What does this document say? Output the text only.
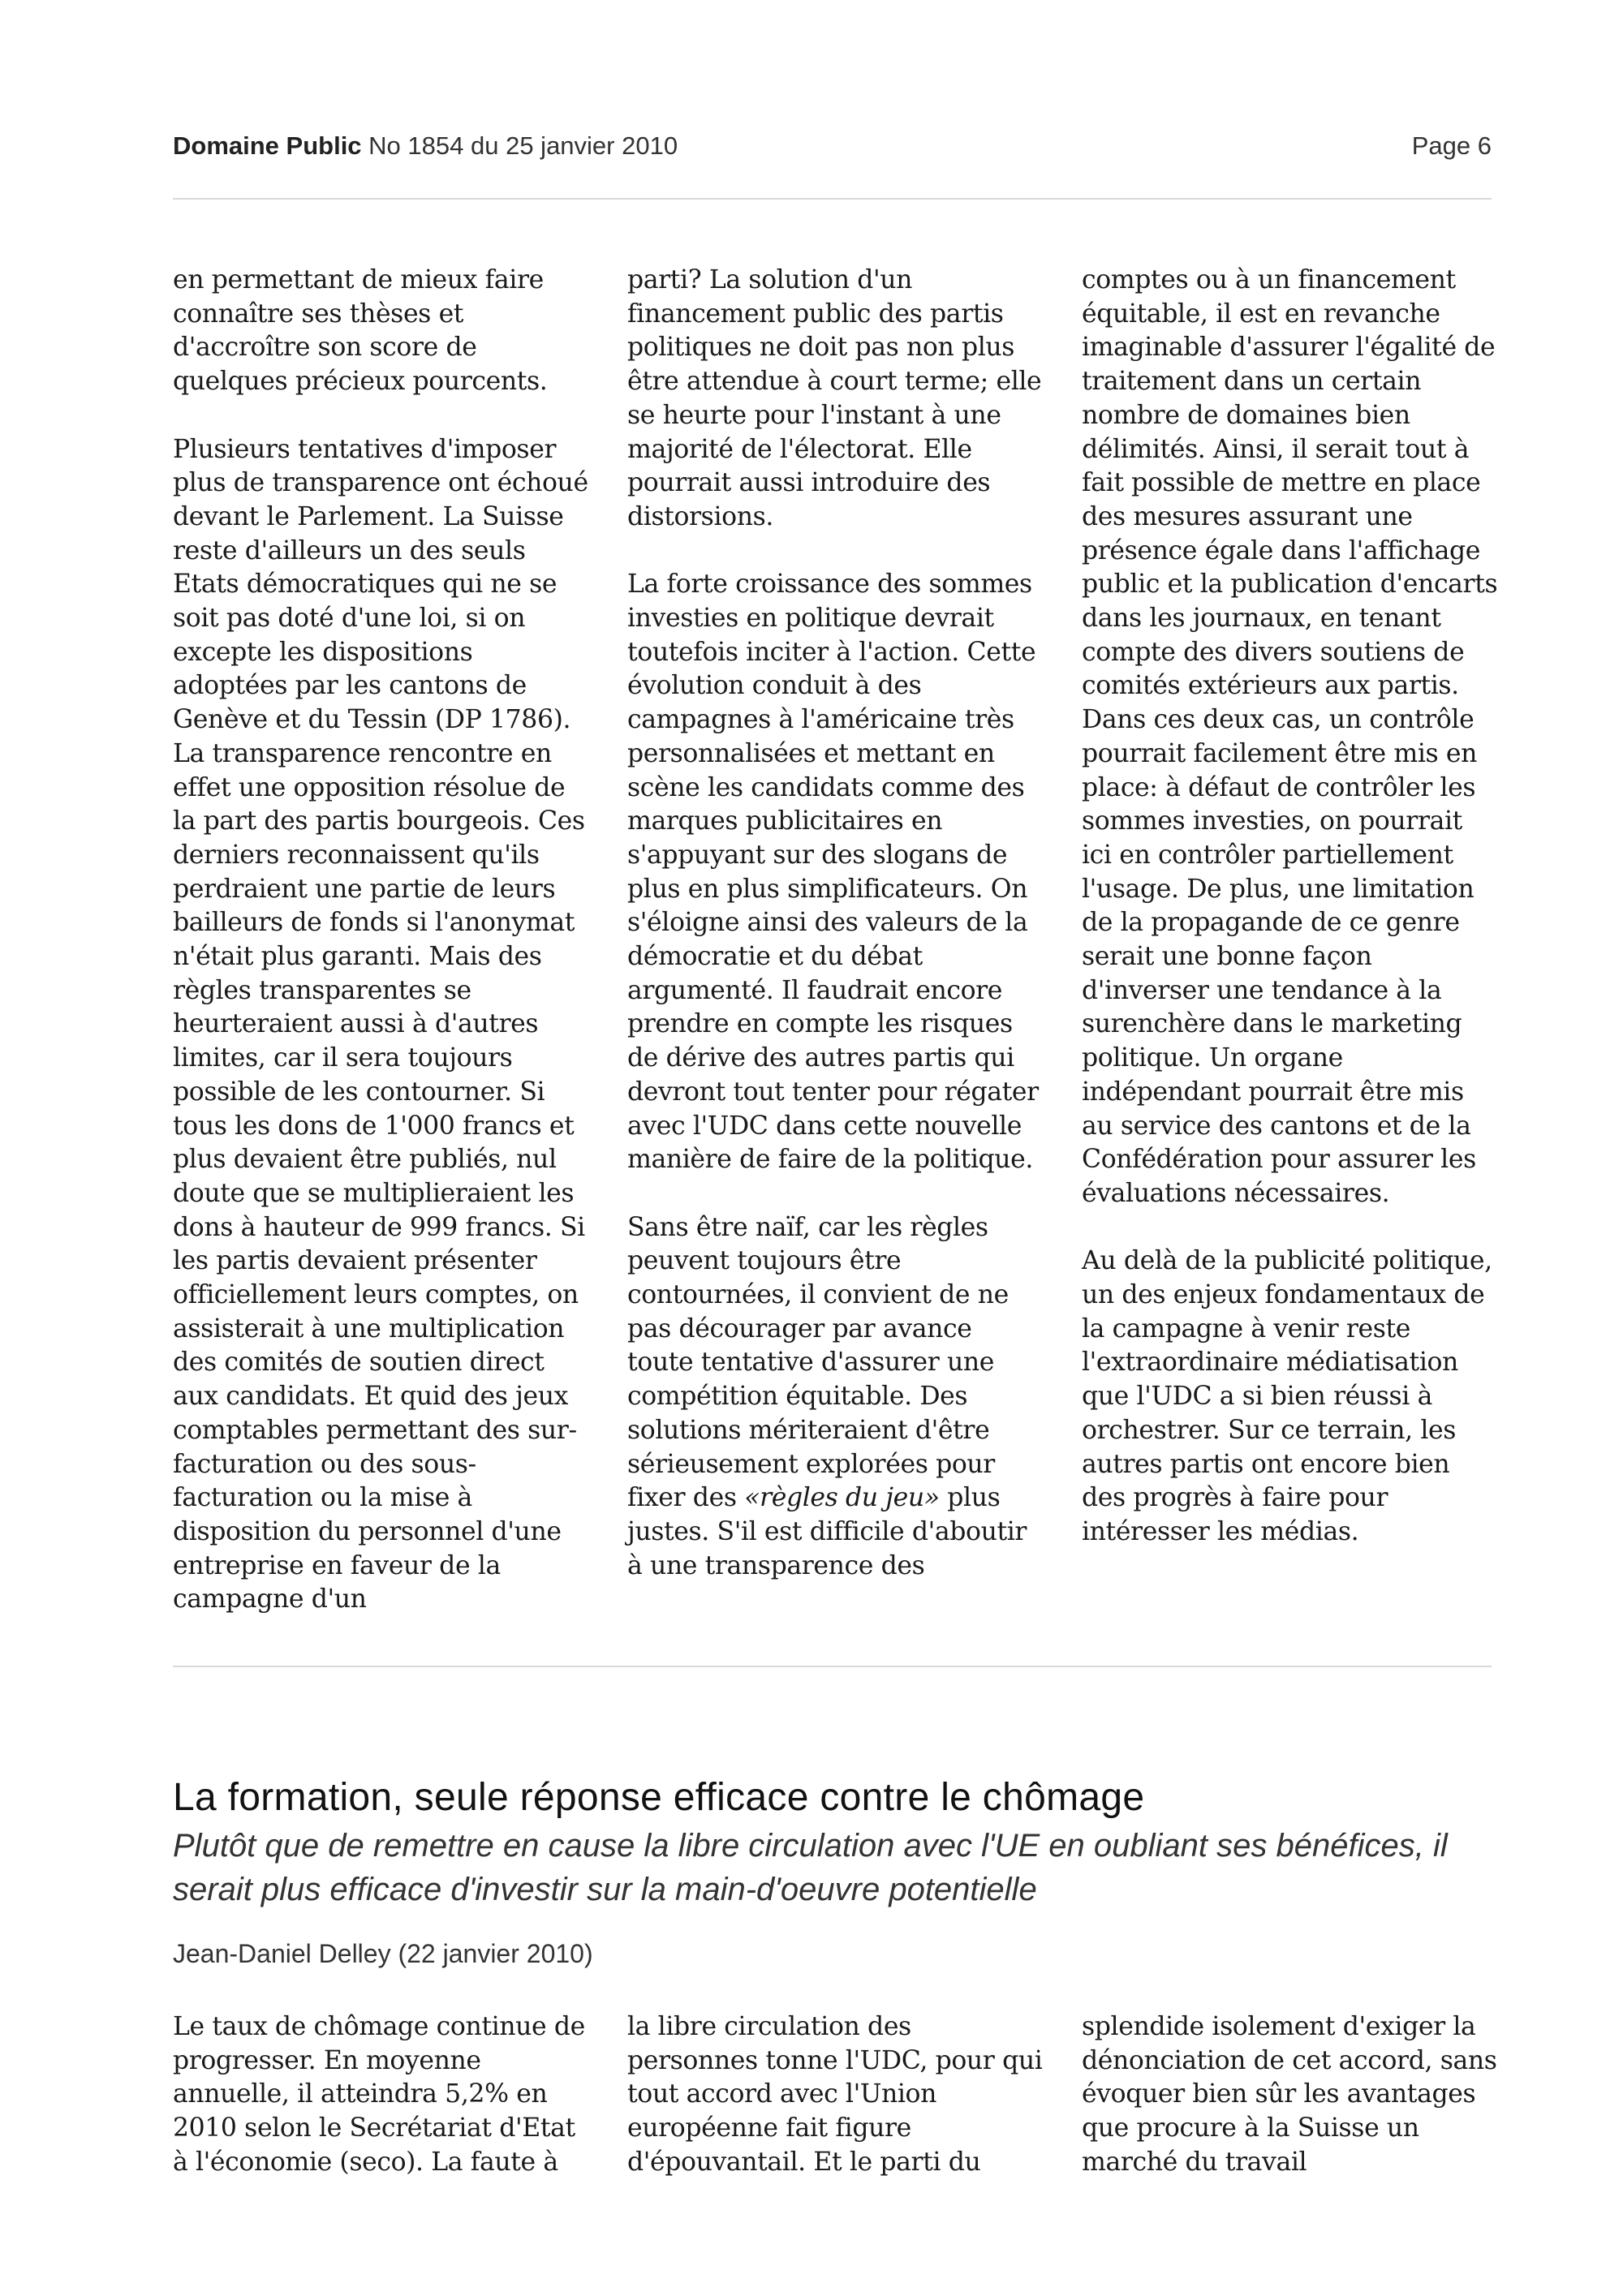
Domaine Public No 1854 du 25 janvier 2010	Page 6

en permettant de mieux faire connaître ses thèses et d'accroître son score de quelques précieux pourcents.

Plusieurs tentatives d'imposer plus de transparence ont échoué devant le Parlement. La Suisse reste d'ailleurs un des seuls Etats démocratiques qui ne se soit pas doté d'une loi, si on excepte les dispositions adoptées par les cantons de Genève et du Tessin (DP 1786). La transparence rencontre en effet une opposition résolue de la part des partis bourgeois. Ces derniers reconnaissent qu'ils perdraient une partie de leurs bailleurs de fonds si l'anonymat n'était plus garanti. Mais des règles transparentes se heurteraient aussi à d'autres limites, car il sera toujours possible de les contourner. Si tous les dons de 1'000 francs et plus devaient être publiés, nul doute que se multiplieraient les dons à hauteur de 999 francs. Si les partis devaient présenter officiellement leurs comptes, on assisterait à une multiplication des comités de soutien direct aux candidats. Et quid des jeux comptables permettant des sur-facturation ou des sous-facturation ou la mise à disposition du personnel d'une entreprise en faveur de la campagne d'un

parti? La solution d'un financement public des partis politiques ne doit pas non plus être attendue à court terme; elle se heurte pour l'instant à une majorité de l'électorat. Elle pourrait aussi introduire des distorsions.

La forte croissance des sommes investies en politique devrait toutefois inciter à l'action. Cette évolution conduit à des campagnes à l'américaine très personnalisées et mettant en scène les candidats comme des marques publicitaires en s'appuyant sur des slogans de plus en plus simplificateurs. On s'éloigne ainsi des valeurs de la démocratie et du débat argumenté. Il faudrait encore prendre en compte les risques de dérive des autres partis qui devront tout tenter pour régater avec l'UDC dans cette nouvelle manière de faire de la politique.

Sans être naïf, car les règles peuvent toujours être contournées, il convient de ne pas décourager par avance toute tentative d'assurer une compétition équitable. Des solutions mériteraient d'être sérieusement explorées pour fixer des «règles du jeu» plus justes. S'il est difficile d'aboutir à une transparence des

comptes ou à un financement équitable, il est en revanche imaginable d'assurer l'égalité de traitement dans un certain nombre de domaines bien délimités. Ainsi, il serait tout à fait possible de mettre en place des mesures assurant une présence égale dans l'affichage public et la publication d'encarts dans les journaux, en tenant compte des divers soutiens de comités extérieurs aux partis. Dans ces deux cas, un contrôle pourrait facilement être mis en place: à défaut de contrôler les sommes investies, on pourrait ici en contrôler partiellement l'usage. De plus, une limitation de la propagande de ce genre serait une bonne façon d'inverser une tendance à la surenchère dans le marketing politique. Un organe indépendant pourrait être mis au service des cantons et de la Confédération pour assurer les évaluations nécessaires.

Au delà de la publicité politique, un des enjeux fondamentaux de la campagne à venir reste l'extraordinaire médiatisation que l'UDC a si bien réussi à orchestrer. Sur ce terrain, les autres partis ont encore bien des progrès à faire pour intéresser les médias.

La formation, seule réponse efficace contre le chômage

Plutôt que de remettre en cause la libre circulation avec l'UE en oubliant ses bénéfices, il serait plus efficace d'investir sur la main-d'oeuvre potentielle

Jean-Daniel Delley (22 janvier 2010)

Le taux de chômage continue de progresser. En moyenne annuelle, il atteindra 5,2% en 2010 selon le Secrétariat d'Etat à l'économie (seco). La faute à

la libre circulation des personnes tonne l'UDC, pour qui tout accord avec l'Union européenne fait figure d'épouvantail. Et le parti du

splendide isolement d'exiger la dénonciation de cet accord, sans évoquer bien sûr les avantages que procure à la Suisse un marché du travail
